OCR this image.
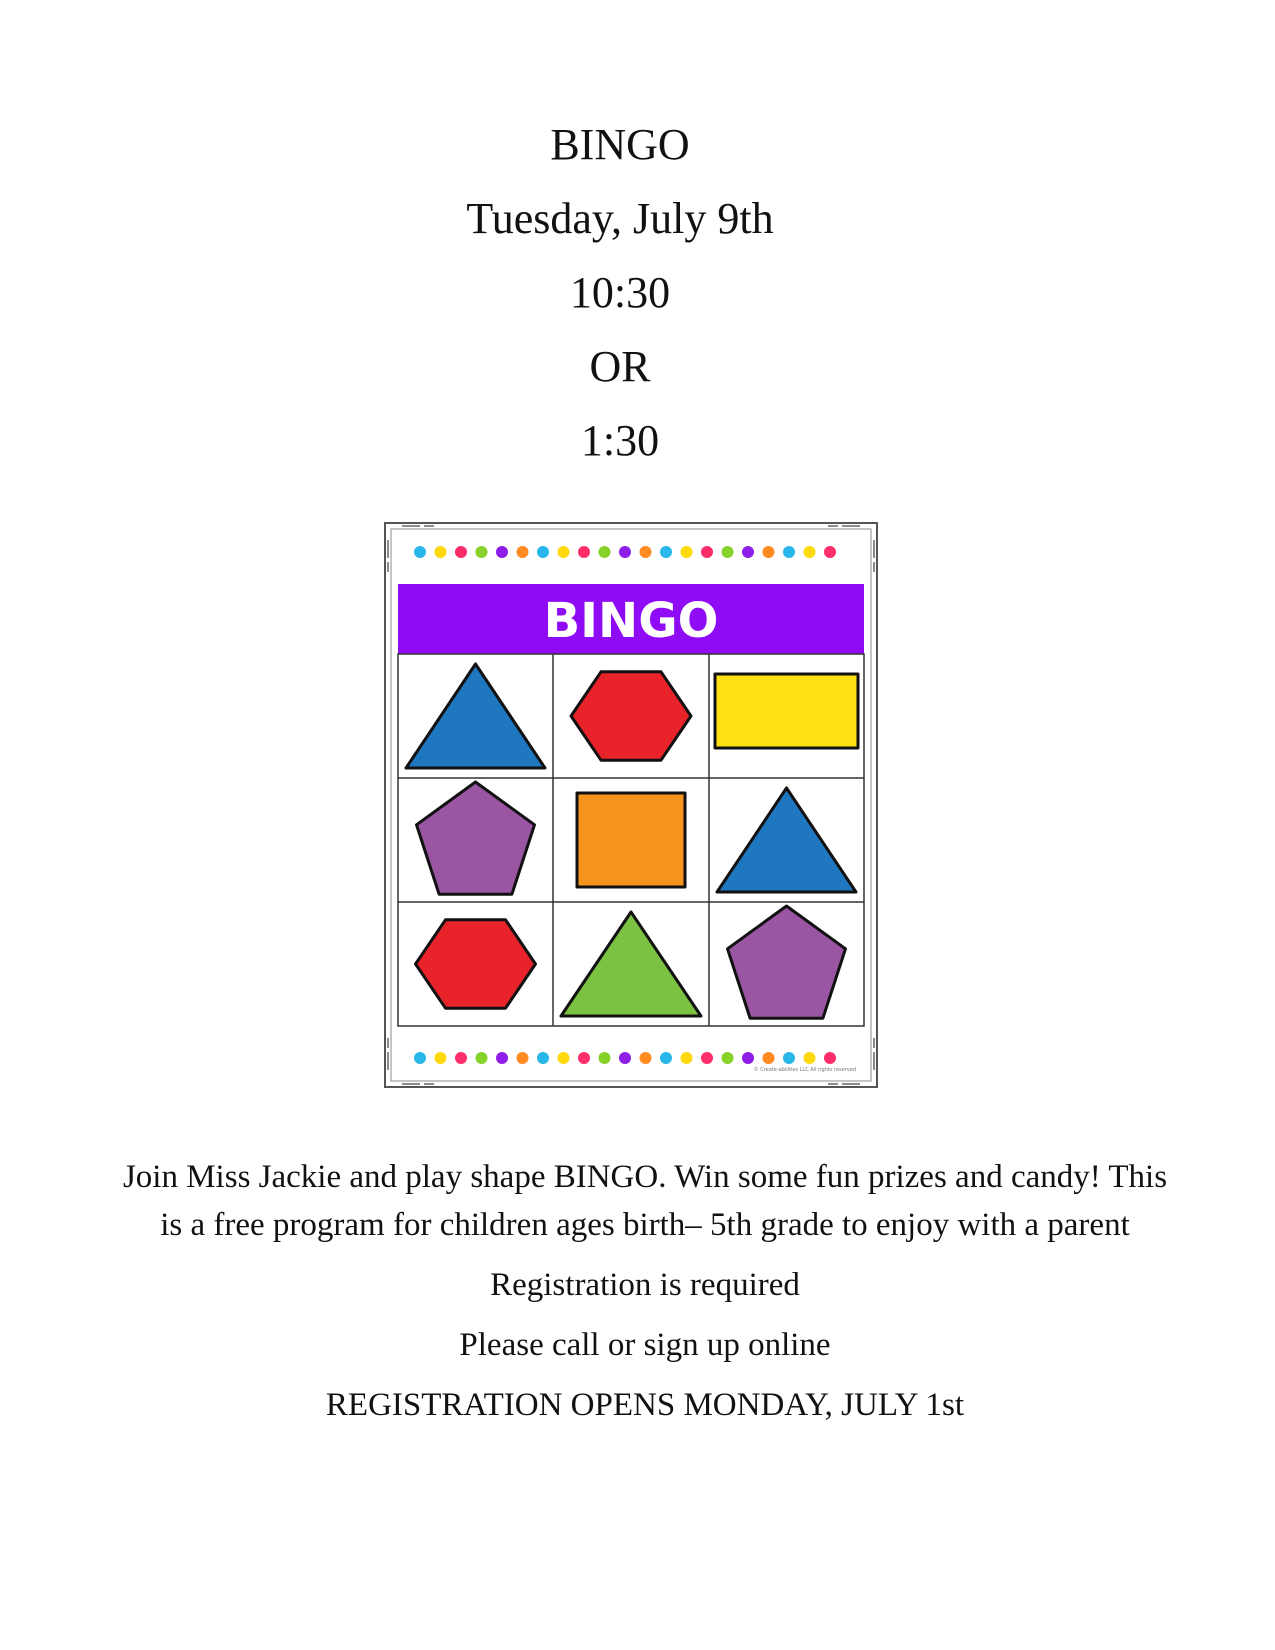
BINGO
Tuesday, July 9th
10:30
OR
1:30
BINGO
© Create-abilities LLC All rights reserved

Join Miss Jackie and play shape BINGO. Win some fun prizes and candy! This is a free program for children ages birth– 5th grade to enjoy with a parent

Registration is required
Please call or sign up online
REGISTRATION OPENS MONDAY, JULY 1st
